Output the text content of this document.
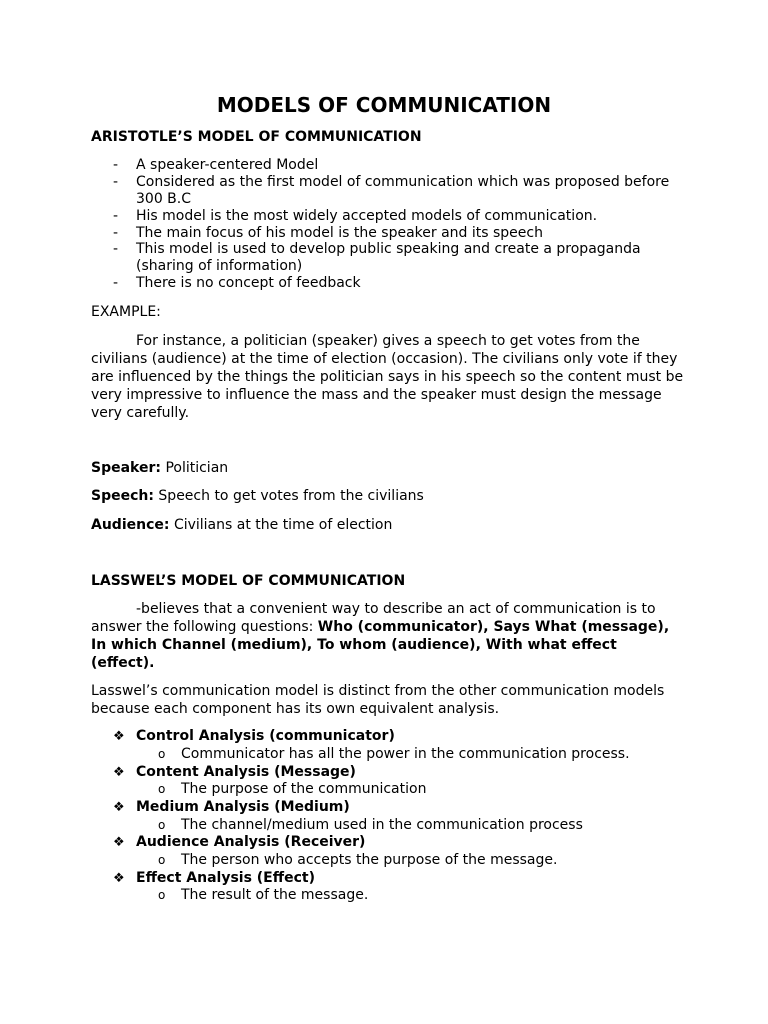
MODELS OF COMMUNICATION
ARISTOTLE’S MODEL OF COMMUNICATION
- A speaker-centered Model
- Considered as the first model of communication which was proposed before
300 B.C
- His model is the most widely accepted models of communication.
- The main focus of his model is the speaker and its speech
- This model is used to develop public speaking and create a propaganda
(sharing of information)
- There is no concept of feedback
EXAMPLE:
For instance, a politician (speaker) gives a speech to get votes from the
civilians (audience) at the time of election (occasion). The civilians only vote if they
are influenced by the things the politician says in his speech so the content must be
very impressive to influence the mass and the speaker must design the message
very carefully.
Speaker: Politician
Speech: Speech to get votes from the civilians
Audience: Civilians at the time of election
LASSWEL’S MODEL OF COMMUNICATION
-believes that a convenient way to describe an act of communication is to
answer the following questions: Who (communicator), Says What (message),
In which Channel (medium), To whom (audience), With what effect
(effect).
Lasswel’s communication model is distinct from the other communication models
because each component has its own equivalent analysis.
❖ Control Analysis (communicator)
o Communicator has all the power in the communication process.
❖ Content Analysis (Message)
o The purpose of the communication
❖ Medium Analysis (Medium)
o The channel/medium used in the communication process
❖ Audience Analysis (Receiver)
o The person who accepts the purpose of the message.
❖ Effect Analysis (Effect)
o The result of the message.
